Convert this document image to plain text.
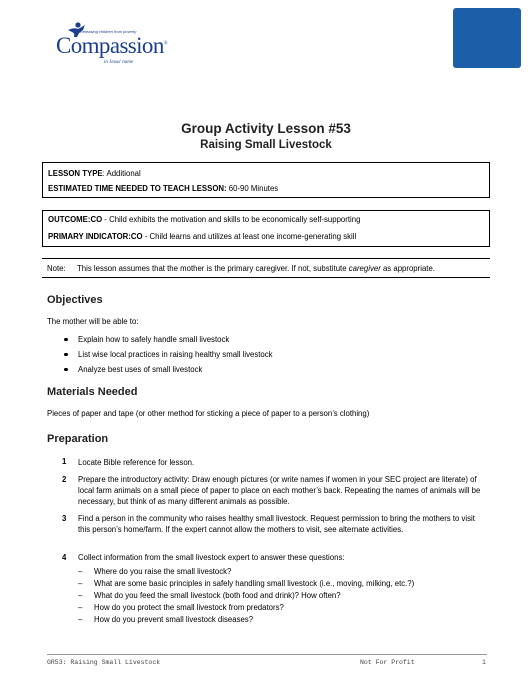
Releasing children from poverty
Compassion®
in Jesus' name
Group Activity Lesson #53
Raising Small Livestock
LESSON TYPE: Additional
ESTIMATED TIME NEEDED TO TEACH LESSON: 60-90 Minutes
OUTCOME:CO - Child exhibits the motivation and skills to be economically self-supporting
PRIMARY INDICATOR:CO - Child learns and utilizes at least one income-generating skill
Note: This lesson assumes that the mother is the primary caregiver. If not, substitute caregiver as appropriate.
Objectives
The mother will be able to:
Explain how to safely handle small livestock
List wise local practices in raising healthy small livestock
Analyze best uses of small livestock
Materials Needed
Pieces of paper and tape (or other method for sticking a piece of paper to a person’s clothing)
Preparation
1 Locate Bible reference for lesson.
2 Prepare the introductory activity: Draw enough pictures (or write names if women in your SEC project are literate) of local farm animals on a small piece of paper to place on each mother’s back. Repeating the names of animals will be necessary, but think of as many different animals as possible.
3 Find a person in the community who raises healthy small livestock. Request permission to bring the mothers to visit this person’s home/farm. If the expert cannot allow the mothers to visit, see alternate activities.
4 Collect information from the small livestock expert to answer these questions:
– Where do you raise the small livestock?
– What are some basic principles in safely handling small livestock (i.e., moving, milking, etc.?)
– What do you feed the small livestock (both food and drink)? How often?
– How do you protect the small livestock from predators?
– How do you prevent small livestock diseases?
GR53: Raising Small Livestock	Not For Profit	1
